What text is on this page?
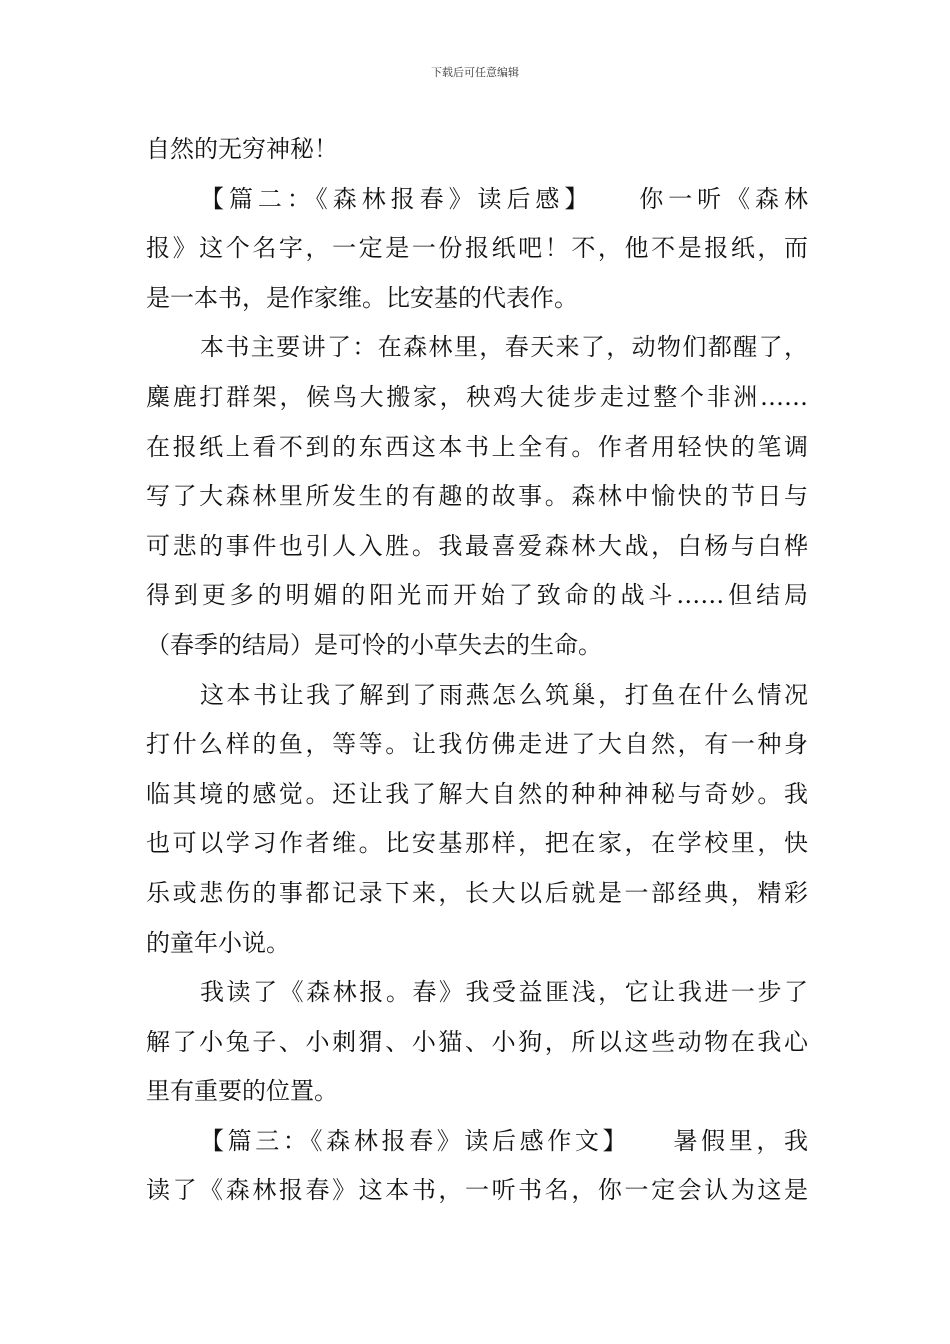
下载后可任意编辑
自然的无穷神秘！
【篇二：《森林报春》读后感】　　你一听《森林
报》这个名字，一定是一份报纸吧！不，他不是报纸，而
是一本书，是作家维。比安基的代表作。
本书主要讲了：在森林里，春天来了，动物们都醒了，
麋鹿打群架，候鸟大搬家，秧鸡大徒步走过整个非洲……
在报纸上看不到的东西这本书上全有。作者用轻快的笔调
写了大森林里所发生的有趣的故事。森林中愉快的节日与
可悲的事件也引人入胜。我最喜爱森林大战，白杨与白桦
得到更多的明媚的阳光而开始了致命的战斗……但结局
（春季的结局）是可怜的小草失去的生命。
这本书让我了解到了雨燕怎么筑巢，打鱼在什么情况
打什么样的鱼，等等。让我仿佛走进了大自然，有一种身
临其境的感觉。还让我了解大自然的种种神秘与奇妙。我
也可以学习作者维。比安基那样，把在家，在学校里，快
乐或悲伤的事都记录下来，长大以后就是一部经典，精彩
的童年小说。
我读了《森林报。春》我受益匪浅，它让我进一步了
解了小兔子、小刺猬、小猫、小狗，所以这些动物在我心
里有重要的位置。
【篇三：《森林报春》读后感作文】　　暑假里，我
读了《森林报春》这本书，一听书名，你一定会认为这是
